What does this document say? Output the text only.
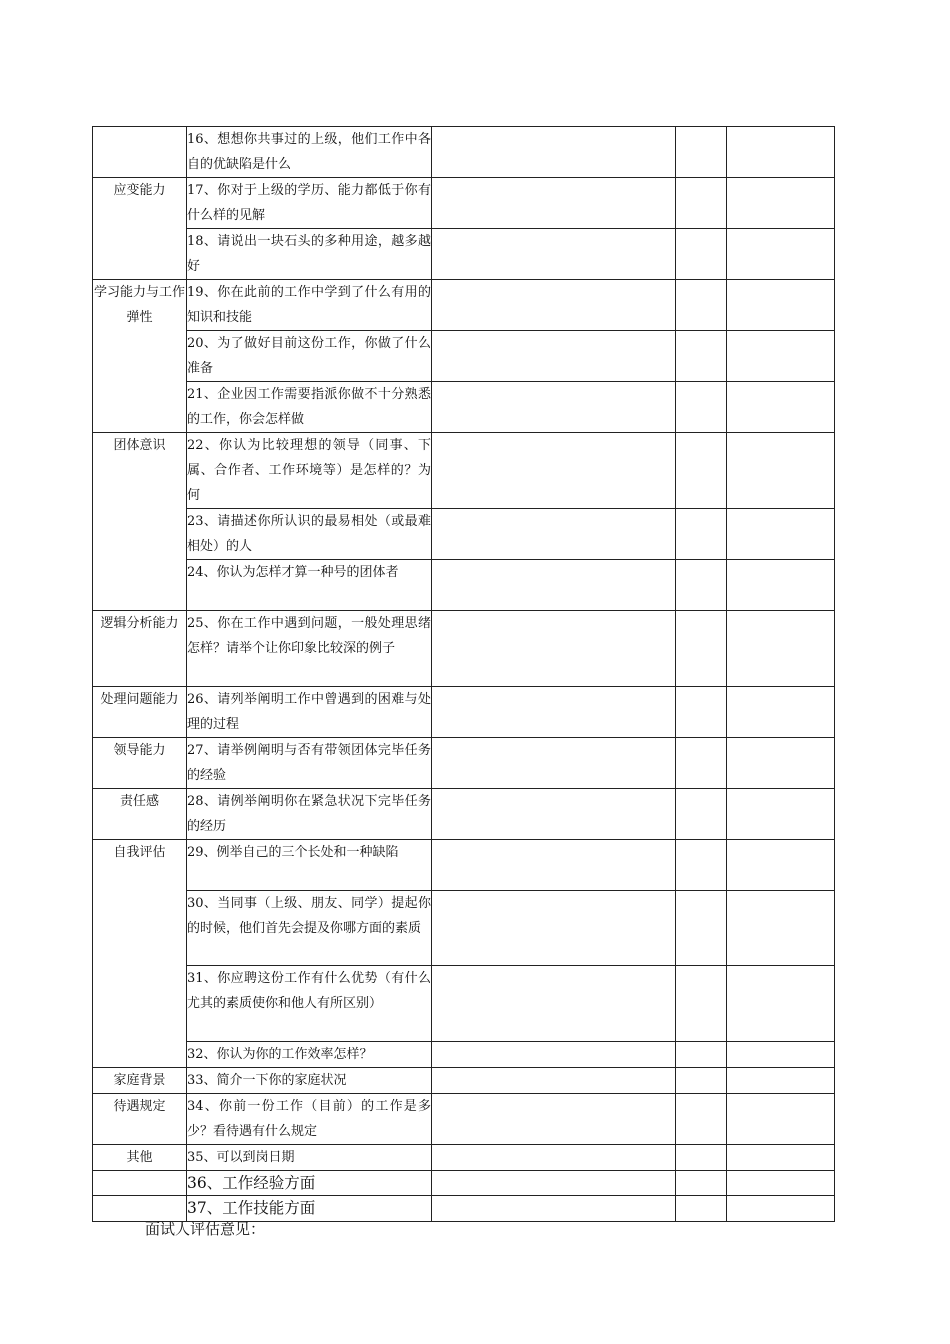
	16、想想你共事过的上级，他们工作中各自的优缺陷是什么			
应变能力	17、你对于上级的学历、能力都低于你有什么样的见解			
	18、请说出一块石头的多种用途，越多越好			
学习能力与工作弹性	19、你在此前的工作中学到了什么有用的知识和技能			
	20、为了做好目前这份工作，你做了什么准备			
	21、企业因工作需要指派你做不十分熟悉的工作，你会怎样做			
团体意识	22、你认为比较理想的领导（同事、下属、合作者、工作环境等）是怎样的？为何			
	23、请描述你所认识的最易相处（或最难相处）的人			
	24、你认为怎样才算一种号的团体者			
逻辑分析能力	25、你在工作中遇到问题，一般处理思绪怎样？请举个让你印象比较深的例子			
处理问题能力	26、请列举阐明工作中曾遇到的困难与处理的过程			
领导能力	27、请举例阐明与否有带领团体完毕任务的经验			
责任感	28、请例举阐明你在紧急状况下完毕任务的经历			
自我评估	29、例举自己的三个长处和一种缺陷			
	30、当同事（上级、朋友、同学）提起你的时候，他们首先会提及你哪方面的素质			
	31、你应聘这份工作有什么优势（有什么尤其的素质使你和他人有所区别）			
	32、你认为你的工作效率怎样？			
家庭背景	33、简介一下你的家庭状况			
待遇规定	34、你前一份工作（目前）的工作是多少？看待遇有什么规定			
其他	35、可以到岗日期			
	36、工作经验方面			
	37、工作技能方面			
面试人评估意见：
